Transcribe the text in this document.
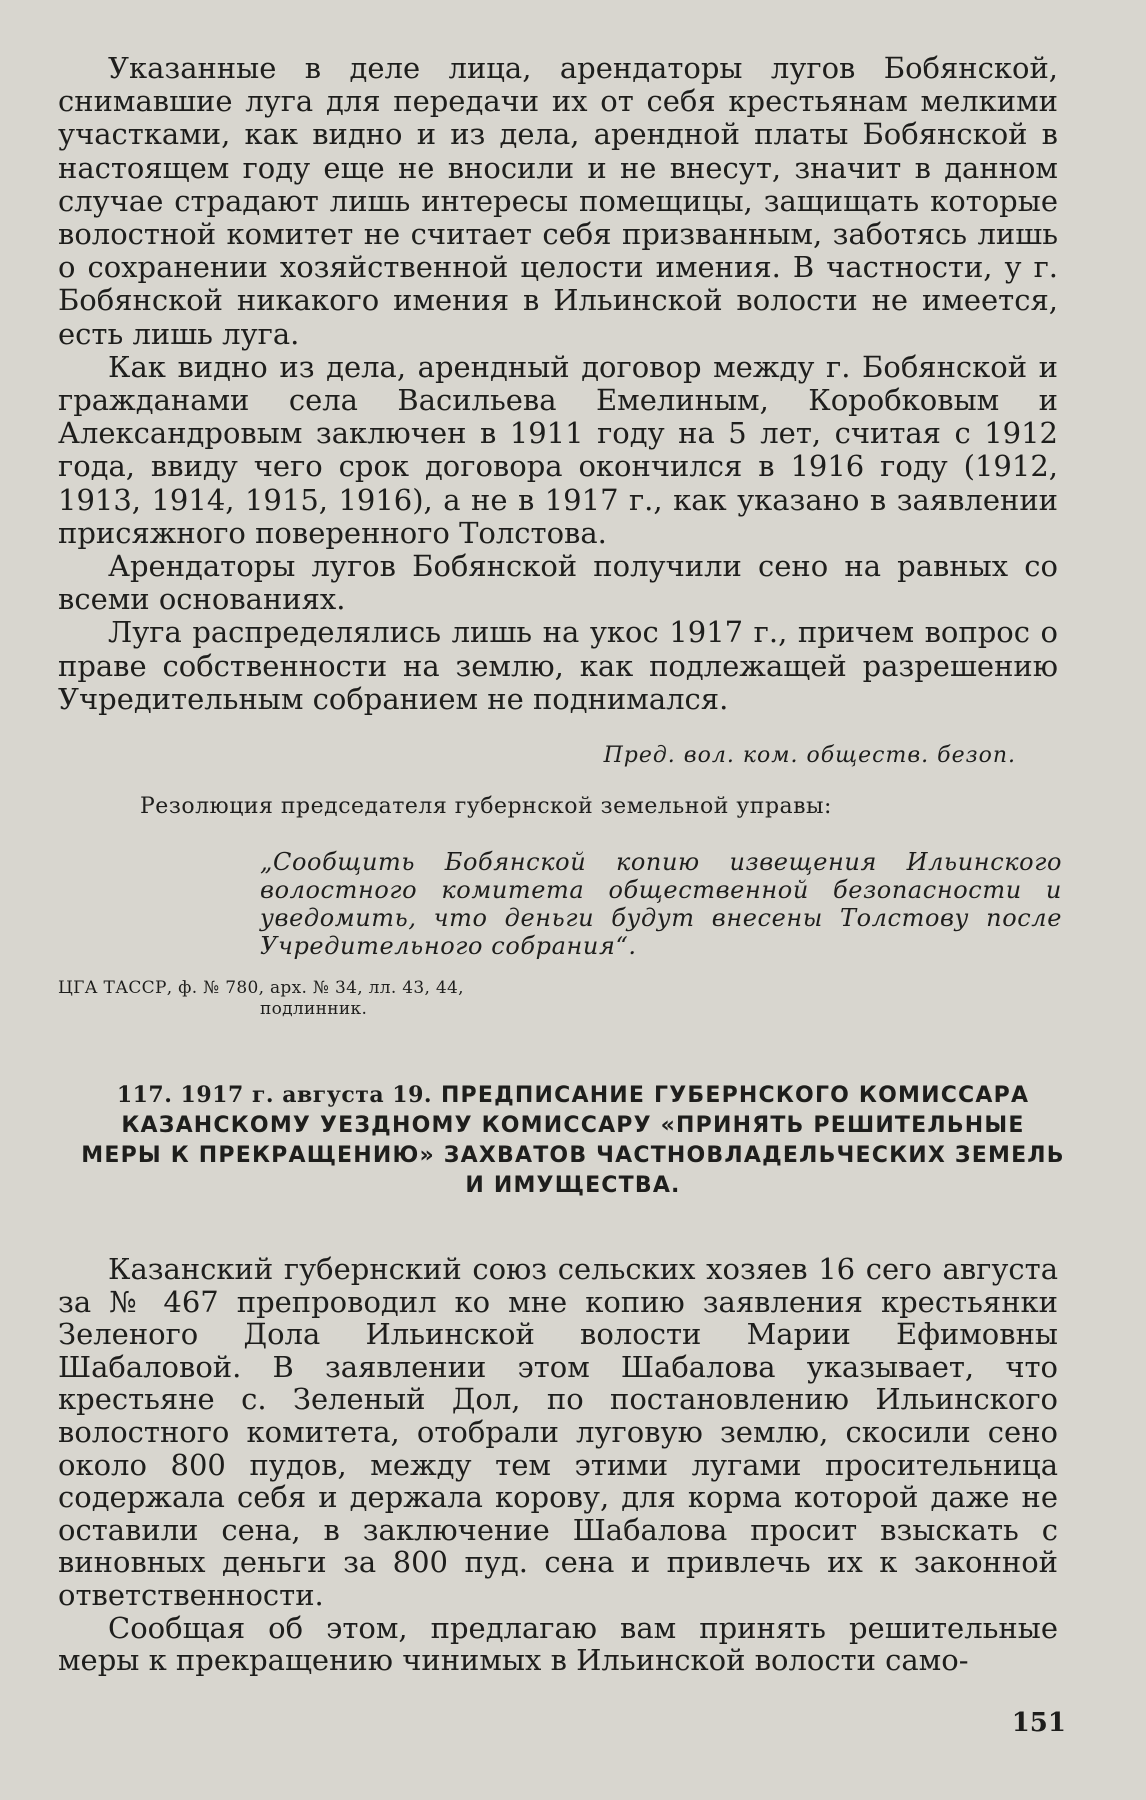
Указанные в деле лица, арендаторы лугов Бобянской, снимавшие луга для передачи их от себя крестьянам мелкими участками, как видно и из дела, арендной платы Бобянской в настоящем году еще не вносили и не внесут, значит в данном случае страдают лишь интересы помещицы, защищать которые волостной комитет не считает себя призванным, заботясь лишь о сохранении хозяйственной целости имения. В частности, у г. Бобянской никакого имения в Ильинской волости не имеется, есть лишь луга.

Как видно из дела, арендный договор между г. Бобянской и гражданами села Васильева Емелиным, Коробковым и Александровым заключен в 1911 году на 5 лет, считая с 1912 года, ввиду чего срок договора окончился в 1916 году (1912, 1913, 1914, 1915, 1916), а не в 1917 г., как указано в заявлении присяжного поверенного Толстова.

Арендаторы лугов Бобянской получили сено на равных со всеми основаниях.

Луга распределялись лишь на укос 1917 г., причем вопрос о праве собственности на землю, как подлежащей разрешению Учредительным собранием не поднимался.

Пред. вол. ком. обществ. безоп.
Резолюция председателя губернской земельной управы:
„Сообщить Бобянской копию извещения Ильинского волостного комитета общественной безопасности и уведомить, что деньги будут внесены Толстову после Учредительного собрания“.
ЦГА ТАССР, ф. № 780, арх. № 34, лл. 43, 44,
подлинник.
117. 1917 г. августа 19. ПРЕДПИСАНИЕ ГУБЕРНСКОГО КОМИССАРА КАЗАНСКОМУ УЕЗДНОМУ КОМИССАРУ «ПРИНЯТЬ РЕШИТЕЛЬНЫЕ МЕРЫ К ПРЕКРАЩЕНИЮ» ЗАХВАТОВ ЧАСТНОВЛАДЕЛЬЧЕСКИХ ЗЕМЕЛЬ И ИМУЩЕСТВА.

Казанский губернский союз сельских хозяев 16 сего августа за № 467 препроводил ко мне копию заявления крестьянки Зеленого Дола Ильинской волости Марии Ефимовны Шабаловой. В заявлении этом Шабалова указывает, что крестьяне с. Зеленый Дол, по постановлению Ильинского волостного комитета, отобрали луговую землю, скосили сено около 800 пудов, между тем этими лугами просительница содержала себя и держала корову, для корма которой даже не оставили сена, в заключение Шабалова просит взыскать с виновных деньги за 800 пуд. сена и привлечь их к законной ответственности.

Сообщая об этом, предлагаю вам принять решительные меры к прекращению чинимых в Ильинской волости само-

151
